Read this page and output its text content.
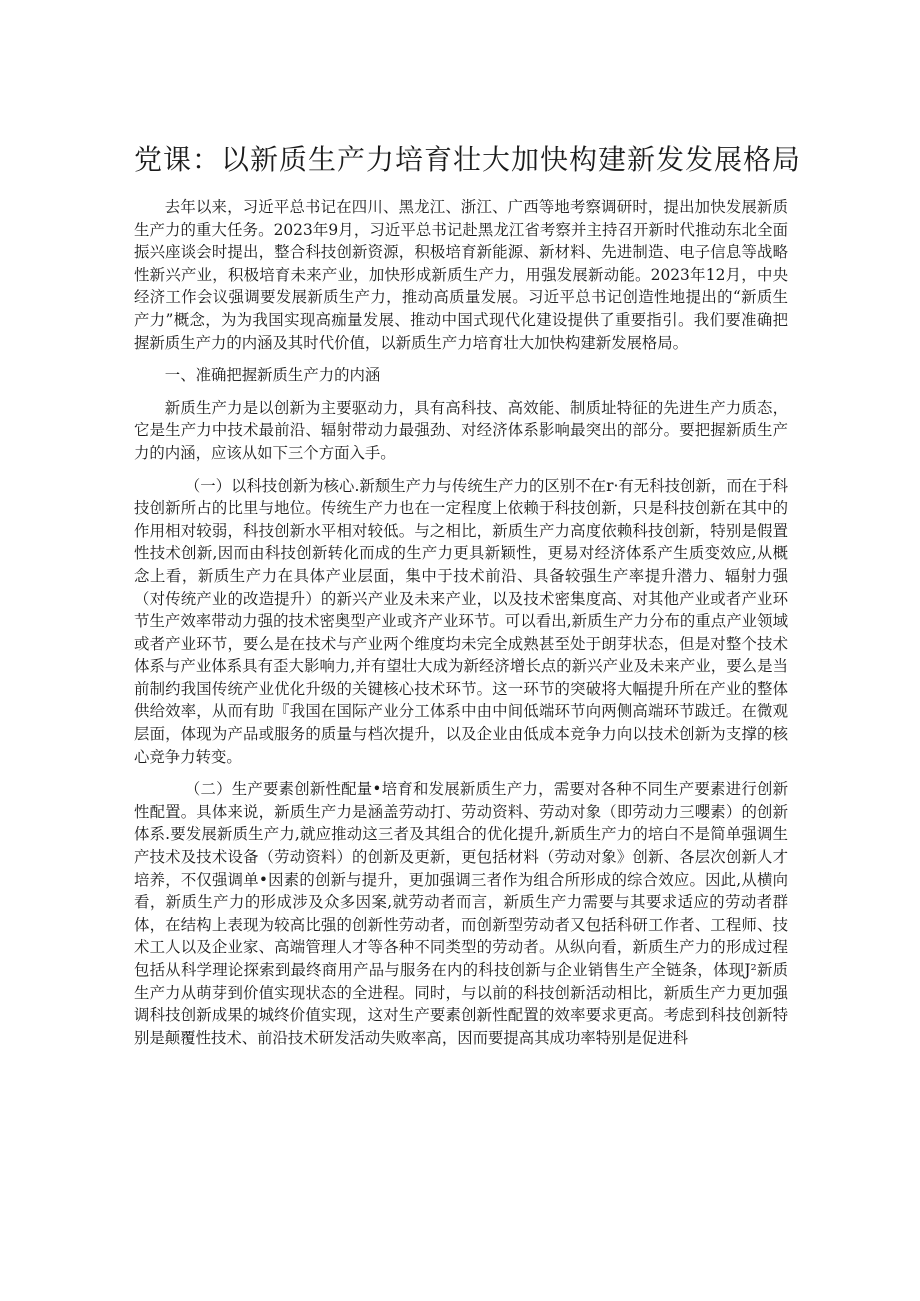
党课：以新质生产力培育壮大加快构建新发发展格局

去年以来，习近平总书记在四川、黑龙江、浙江、广西等地考察调研时，提出加快发展新质生产力的重大任务。2023年9月，习近平总书记赴黑龙江省考察并主持召开新时代推动东北全面振兴座谈会时提出，整合科技创新资源，积极培育新能源、新材料、先进制造、电子信息等战略性新兴产业，积极培育未来产业，加快形成新质生产力，用强发展新动能。2023年12月，中央经济工作会议强调要发展新质生产力，推动高质量发展。习近平总书记创造性地提出的“新质生产力”概念，为为我国实现高痂量发展、推动中国式现代化建设提供了重要指引。我们要准确把握新质生产力的内涵及其时代价值，以新质生产力培育壮大加快构建新发展格局。

一、准确把握新质生产力的内涵

新质生产力是以创新为主要驱动力，具有高科技、高效能、制质址特征的先进生产力质态，它是生产力中技术最前沿、辐射带动力最强劲、对经济体系影响最突出的部分。要把握新质生产力的内涵，应该从如下三个方面入手。

（一）以科技创新为核心.新颓生产力与传统生产力的区别不在r·有无科技创新，而在于科技创新所占的比里与地位。传统生产力也在一定程度上依赖于科技创新，只是科技创新在其中的作用相对较弱，科技创新水平相对较低。与之相比，新质生产力高度依赖科技创新，特别是假置性技术创新,因而由科技创新转化而成的生产力更具新颖性，更易对经济体系产生质变效应,从概念上看，新质生产力在具体产业层面，集中于技术前沿、具备较强生产率提升潜力、辐射力强（对传统产业的改造提升）的新兴产业及未来产业，以及技术密集度高、对其他产业或者产业环节生产效率带动力强的技术密奥型产业或齐产业环节。可以看出,新质生产力分布的重点产业领域或者产业环节，要么是在技术与产业两个维度均未完全成熟甚至处于朗芽状态，但是对整个技术体系与产业体系具有歪大影响力,并有望壮大成为新经济增长点的新兴产业及未来产业，要么是当前制约我国传统产业优化升级的关键核心技术环节。这一环节的突破将大幅提升所在产业的整体供给效率，从而有助『我国在国际产业分工体系中由中间低端环节向两侧高端环节跋迁。在微观层面，体现为产品或服务的质量与档次提升，以及企业由低成本竞争力向以技术创新为支撑的核心竞争力转变。

（二）生产要素创新性配量•培育和发展新质生产力，需要对各种不同生产要素进行创新性配置。具体来说，新质生产力是涵盖劳动打、劳动资料、劳动对象（即劳动力三嚶素）的创新体系.要发展新质生产力,就应推动这三者及其组合的优化提升,新质生产力的培白不是简单强调生产技术及技术设备（劳动资料）的创新及更新，更包括材料（劳动对象》创新、各层次创新人才培养，不仅强调单•因素的创新与提升，更加强调三者作为组合所形成的综合效应。因此,从横向看，新质生产力的形成涉及众多因案,就劳动者而言，新质生产力需要与其要求适应的劳动者群体，在结构上表现为较高比强的创新性劳动者，而创新型劳动者又包括科研工作者、工程师、技术工人以及企业家、高端管理人才等各种不同类型的劳动者。从纵向看，新质生产力的形成过程包括从科学理论探索到最终商用产品与服务在内的科技创新与企业销售生产全链条，体现J²新质生产力从萌芽到价值实现状态的全进程。同时，与以前的科技创新活动相比，新质生产力更加强调科技创新成果的城终价值实现，这对生产要素创新性配置的效率要求更高。考虑到科技创新特别是颠覆性技术、前沿技术研发活动失败率高，因而要提高其成功率特别是促进科
